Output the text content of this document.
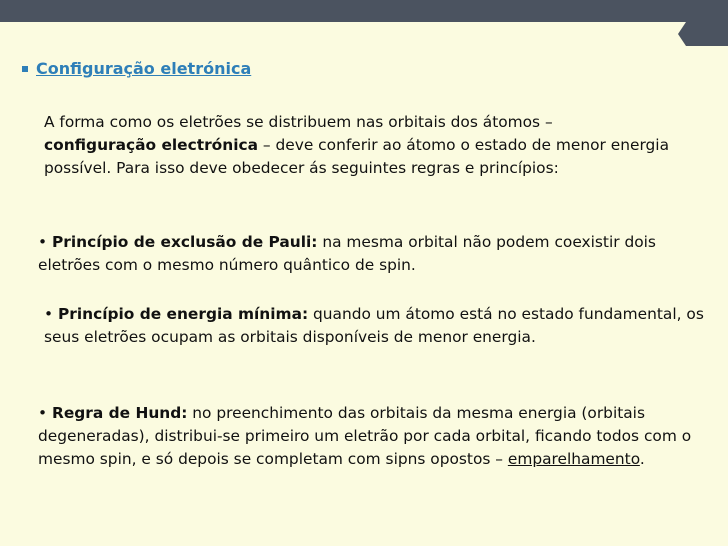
Configuração eletrónica
A forma como os eletrões se distribuem nas orbitais dos átomos –
configuração electrónica – deve conferir ao átomo o estado de menor energia possível. Para isso deve obedecer ás seguintes regras e princípios:
• Princípio de exclusão de Pauli: na mesma orbital não podem coexistir dois eletrões com o mesmo número quântico de spin.
• Princípio de energia mínima: quando um átomo está no estado fundamental, os seus eletrões ocupam as orbitais disponíveis de menor energia.
• Regra de Hund: no preenchimento das orbitais da mesma energia (orbitais degeneradas), distribui-se primeiro um eletrão por cada orbital, ficando todos com o mesmo spin, e só depois se completam com sipns opostos – emparelhamento.
